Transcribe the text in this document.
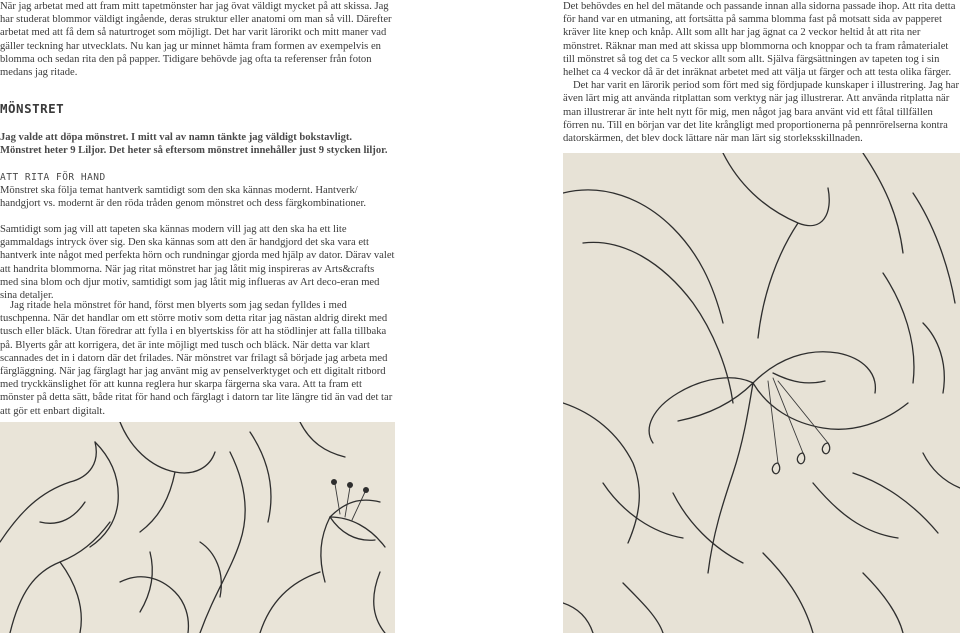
När jag arbetat med att fram mitt tapetmönster har jag övat väldigt mycket på att skissa. Jag har studerat blommor väldigt ingående, deras struktur eller anatomi om man så vill. Därefter arbetat med att få dem så naturtroget som möjligt. Det har varit lärorikt och mitt maner vad gäller teckning har utvecklats. Nu kan jag ur minnet hämta fram formen av exempelvis en blomma och sedan rita den på papper. Tidigare behövde jag ofta ta referenser från foton medans jag ritade.

MÖNSTRET

Jag valde att döpa mönstret. I mitt val av namn tänkte jag väldigt bokstavligt.

Mönstret heter 9 Liljor. Det heter så eftersom mönstret innehåller just 9 stycken liljor.

ATT RITA FÖR HAND

Mönstret ska följa temat hantverk samtidigt som den ska kännas modernt. Hantverk/ handgjort vs. modernt är den röda tråden genom mönstret och dess färgkombinationer.

Samtidigt som jag vill att tapeten ska kännas modern vill jag att den ska ha ett lite gammaldags intryck över sig. Den ska kännas som att den är handgjord det ska vara ett hantverk inte något med perfekta hörn och rundningar gjorda med hjälp av dator. Därav valet att handrita blommorna. När jag ritat mönstret har jag låtit mig inspireras av Arts&crafts med sina blom och djur motiv, samtidigt som jag låtit mig influeras av Art deco-eran med sina detaljer.

Jag ritade hela mönstret för hand, först men blyerts som jag sedan fylldes i med tuschpenna. När det handlar om ett större motiv som detta ritar jag nästan aldrig direkt med tusch eller bläck. Utan föredrar att fylla i en blyertskiss för att ha stödlinjer att falla tillbaka på. Blyerts går att korrigera, det är inte möjligt med tusch och bläck. När detta var klart scannades det in i datorn där det frilades. När mönstret var frilagt så började jag arbeta med färgläggning. När jag färglagt har jag använt mig av penselverktyget och ett digitalt ritbord med tryckkänslighet för att kunna reglera hur skarpa färgerna ska vara. Att ta fram ett mönster på detta sätt, både ritat för hand och färglagt i datorn tar lite längre tid än vad det tar att gör ett enbart digitalt.

Det behövdes en hel del mätande och passande innan alla sidorna passade ihop. Att rita detta för hand var en utmaning, att fortsätta på samma blomma fast på motsatt sida av papperet kräver lite knep och knåp. Allt som allt har jag ägnat ca 2 veckor heltid åt att rita ner mönstret. Räknar man med att skissa upp blommorna och knoppar och ta fram råmaterialet till mönstret så tog det ca 5 veckor allt som allt. Själva färgsättningen av tapeten tog i sin helhet ca 4 veckor då är det inräknat arbetet med att välja ut färger och att testa olika färger.

Det har varit en lärorik period som fört med sig fördjupade kunskaper i illustrering. Jag har även lärt mig att använda ritplattan som verktyg när jag illustrerar. Att använda ritplatta när man illustrerar är inte helt nytt för mig, men något jag bara använt vid ett fåtal tillfällen förren nu. Till en början var det lite krångligt med proportionerna på pennrörelserna kontra datorskärmen, det blev dock lättare när man lärt sig storleksskillnaden.
